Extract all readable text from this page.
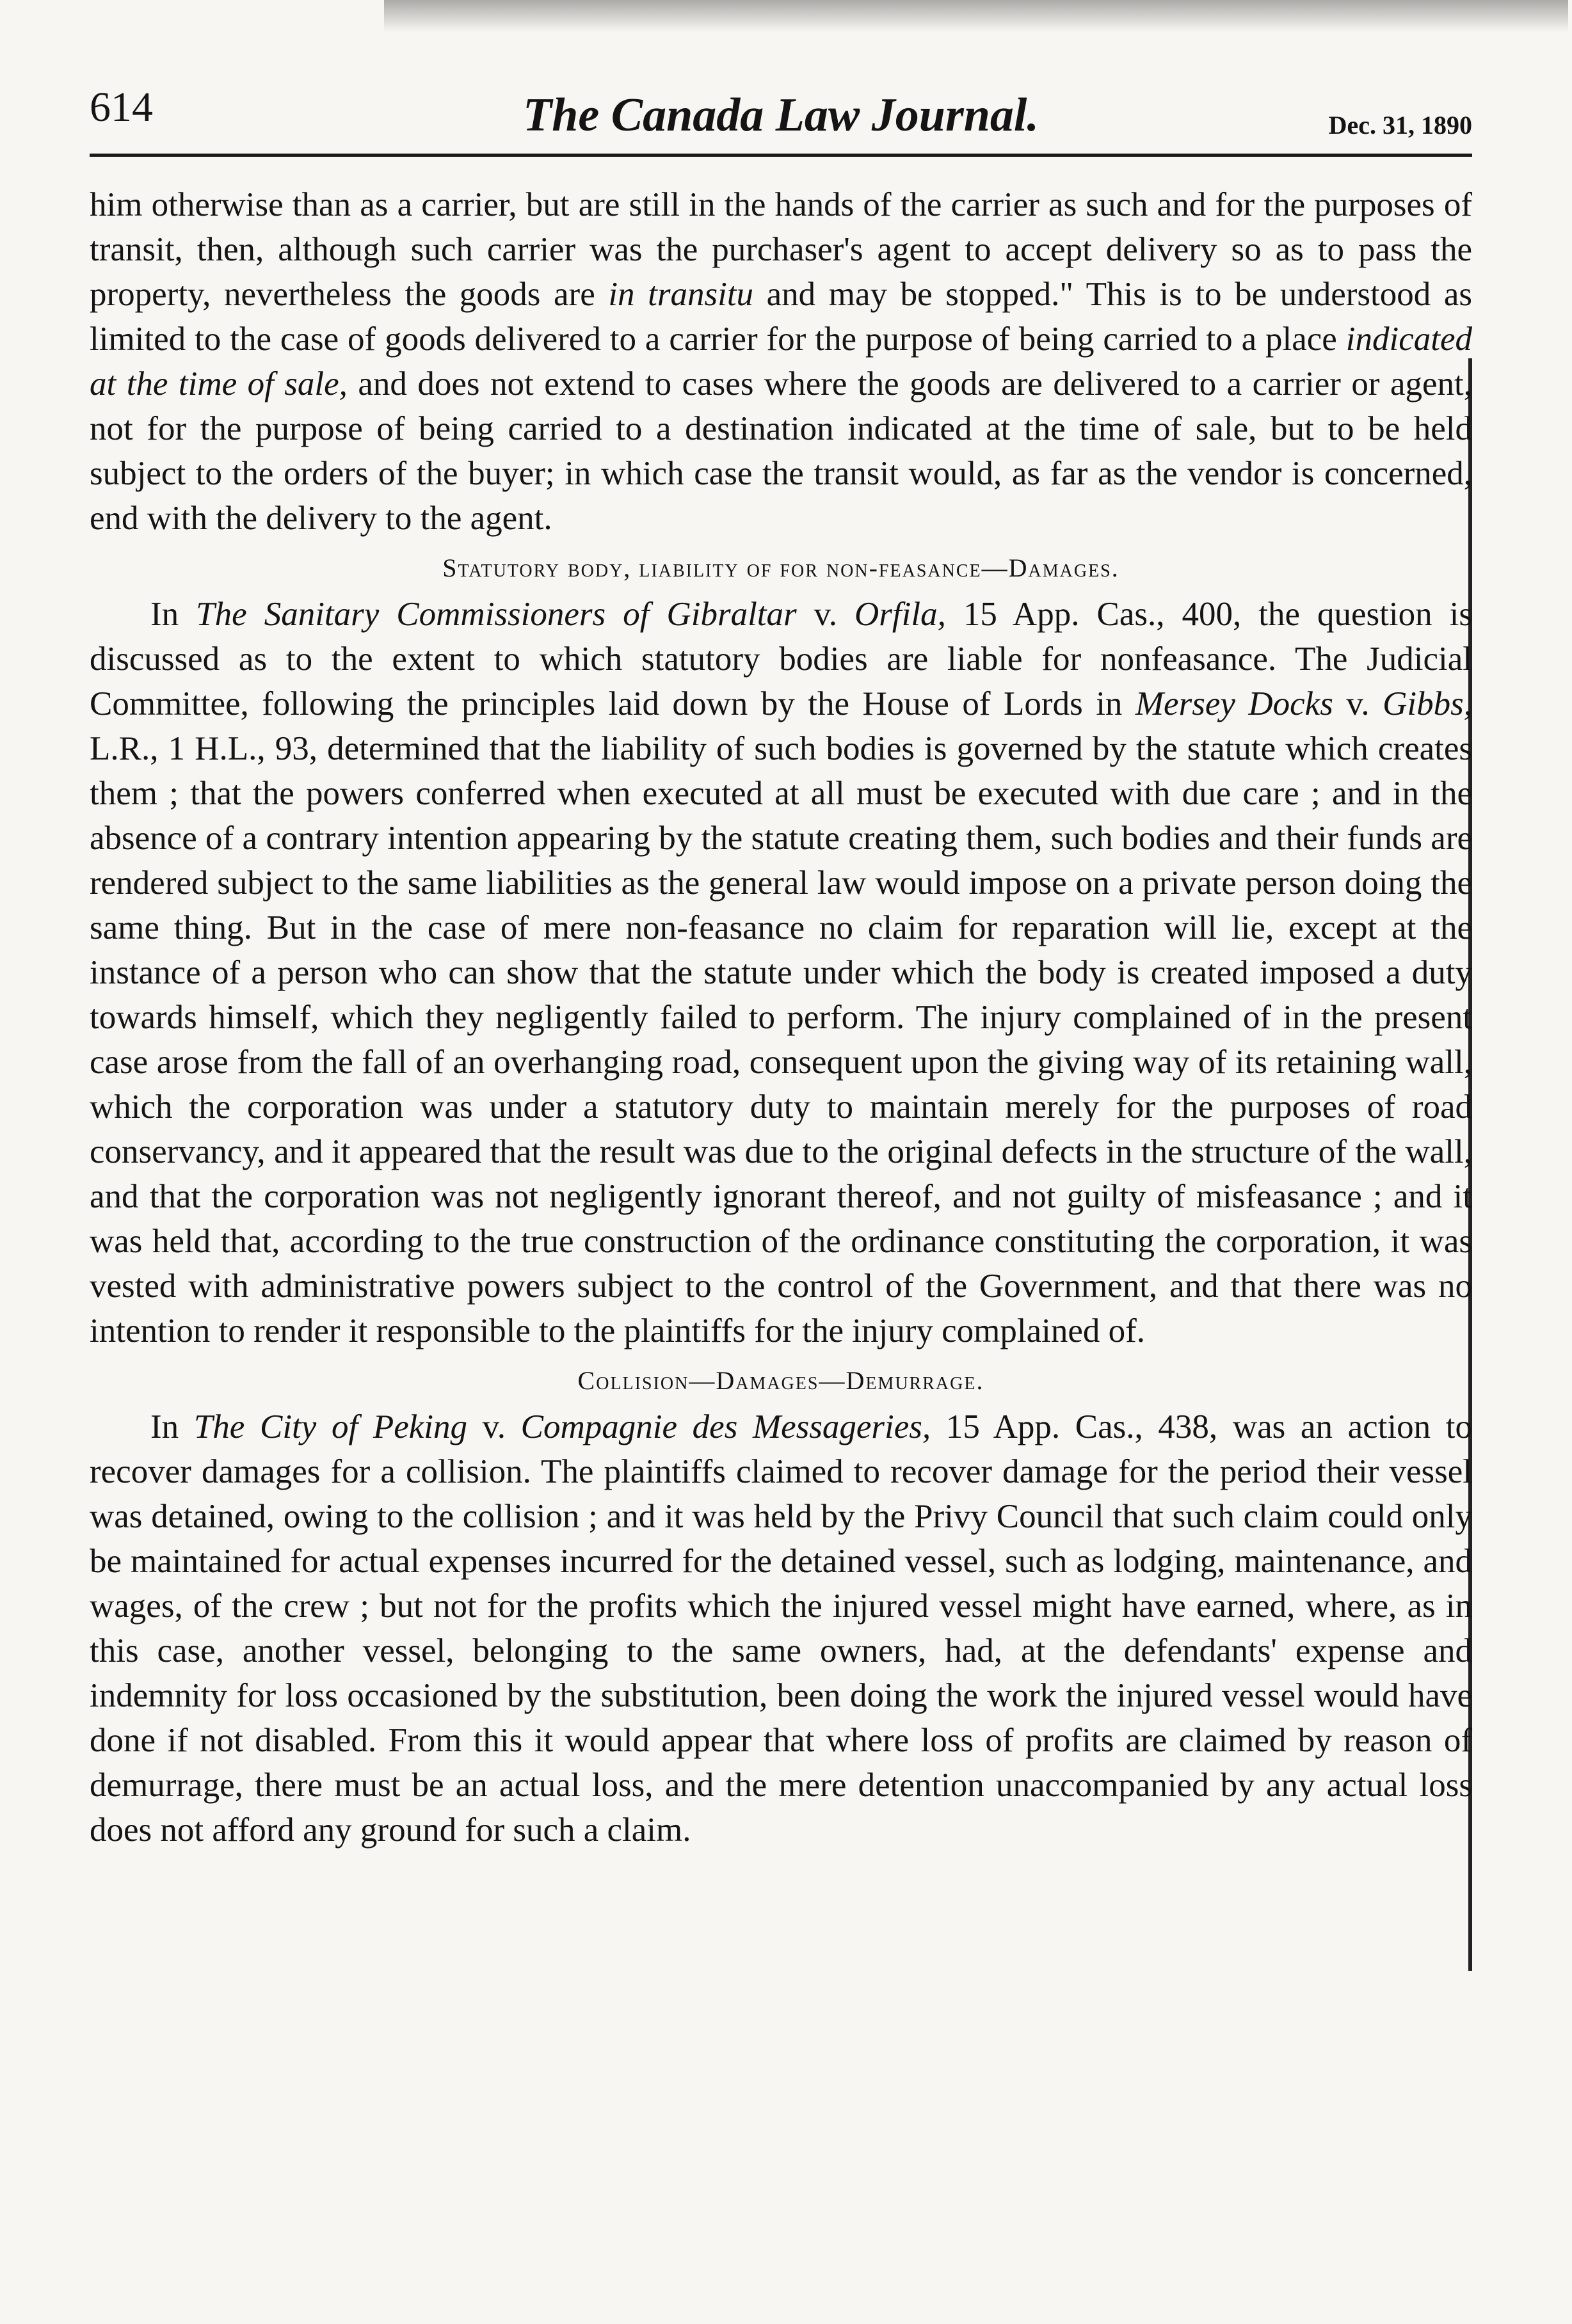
614	The Canada Law Journal.	Dec. 31, 1890

him otherwise than as a carrier, but are still in the hands of the carrier as such and for the purposes of transit, then, although such carrier was the purchaser's agent to accept delivery so as to pass the property, nevertheless the goods are in transitu and may be stopped." This is to be understood as limited to the case of goods delivered to a carrier for the purpose of being carried to a place indicated at the time of sale, and does not extend to cases where the goods are delivered to a carrier or agent, not for the purpose of being carried to a destination indicated at the time of sale, but to be held subject to the orders of the buyer; in which case the transit would, as far as the vendor is concerned, end with the delivery to the agent.

Statutory body, liability of for non-feasance—Damages.

In The Sanitary Commissioners of Gibraltar v. Orfila, 15 App. Cas., 400, the question is discussed as to the extent to which statutory bodies are liable for nonfeasance. The Judicial Committee, following the principles laid down by the House of Lords in Mersey Docks v. Gibbs, L.R., 1 H.L., 93, determined that the liability of such bodies is governed by the statute which creates them ; that the powers conferred when executed at all must be executed with due care ; and in the absence of a contrary intention appearing by the statute creating them, such bodies and their funds are rendered subject to the same liabilities as the general law would impose on a private person doing the same thing. But in the case of mere non-feasance no claim for reparation will lie, except at the instance of a person who can show that the statute under which the body is created imposed a duty towards himself, which they negligently failed to perform. The injury complained of in the present case arose from the fall of an overhanging road, consequent upon the giving way of its retaining wall, which the corporation was under a statutory duty to maintain merely for the purposes of road conservancy, and it appeared that the result was due to the original defects in the structure of the wall, and that the corporation was not negligently ignorant thereof, and not guilty of misfeasance ; and it was held that, according to the true construction of the ordinance constituting the corporation, it was vested with administrative powers subject to the control of the Government, and that there was no intention to render it responsible to the plaintiffs for the injury complained of.

Collision—Damages—Demurrage.

In The City of Peking v. Compagnie des Messageries, 15 App. Cas., 438, was an action to recover damages for a collision. The plaintiffs claimed to recover damage for the period their vessel was detained, owing to the collision ; and it was held by the Privy Council that such claim could only be maintained for actual expenses incurred for the detained vessel, such as lodging, maintenance, and wages, of the crew ; but not for the profits which the injured vessel might have earned, where, as in this case, another vessel, belonging to the same owners, had, at the defendants' expense and indemnity for loss occasioned by the substitution, been doing the work the injured vessel would have done if not disabled. From this it would appear that where loss of profits are claimed by reason of demurrage, there must be an actual loss, and the mere detention unaccompanied by any actual loss does not afford any ground for such a claim.
